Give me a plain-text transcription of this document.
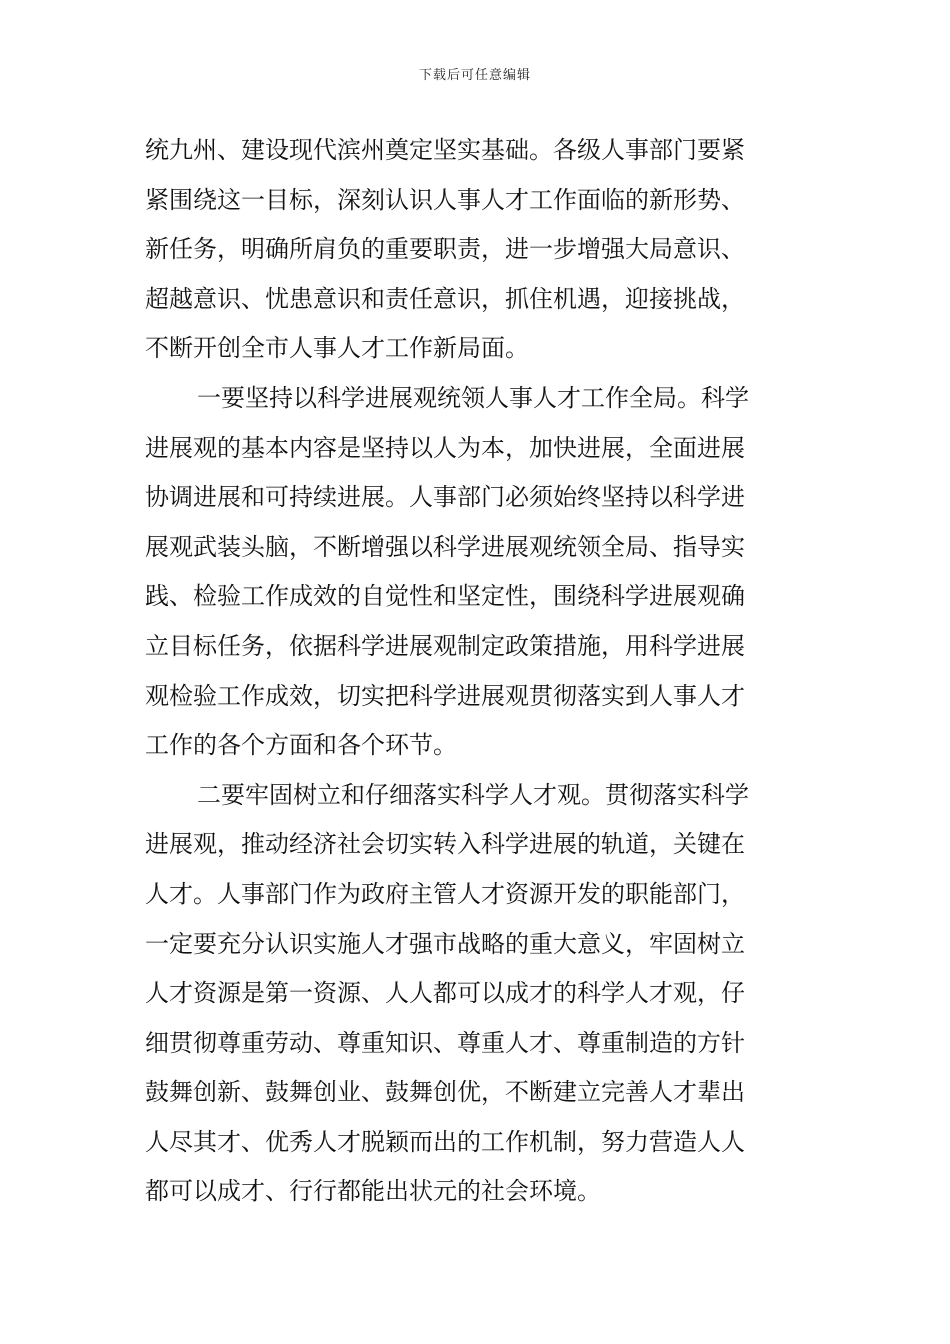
下载后可任意编辑
统九州、建设现代滨州奠定坚实基础。各级人事部门要紧
紧围绕这一目标，深刻认识人事人才工作面临的新形势、
新任务，明确所肩负的重要职责，进一步增强大局意识、
超越意识、忧患意识和责任意识，抓住机遇，迎接挑战，
不断开创全市人事人才工作新局面。
一要坚持以科学进展观统领人事人才工作全局。科学
进展观的基本内容是坚持以人为本，加快进展，全面进展
协调进展和可持续进展。人事部门必须始终坚持以科学进
展观武装头脑，不断增强以科学进展观统领全局、指导实
践、检验工作成效的自觉性和坚定性，围绕科学进展观确
立目标任务，依据科学进展观制定政策措施，用科学进展
观检验工作成效，切实把科学进展观贯彻落实到人事人才
工作的各个方面和各个环节。
二要牢固树立和仔细落实科学人才观。贯彻落实科学
进展观，推动经济社会切实转入科学进展的轨道，关键在
人才。人事部门作为政府主管人才资源开发的职能部门，
一定要充分认识实施人才强市战略的重大意义，牢固树立
人才资源是第一资源、人人都可以成才的科学人才观，仔
细贯彻尊重劳动、尊重知识、尊重人才、尊重制造的方针
鼓舞创新、鼓舞创业、鼓舞创优，不断建立完善人才辈出
人尽其才、优秀人才脱颖而出的工作机制，努力营造人人
都可以成才、行行都能出状元的社会环境。
